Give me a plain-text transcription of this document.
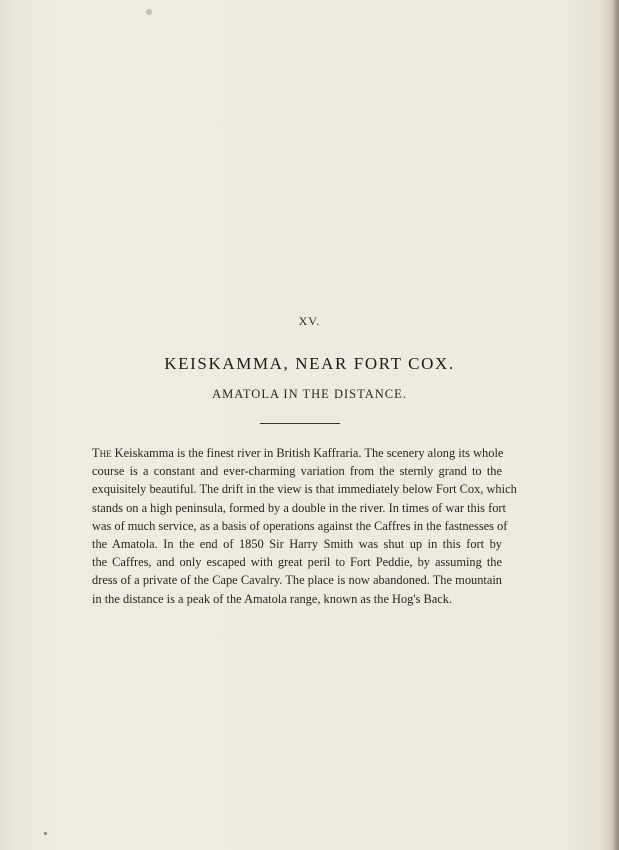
XV.
KEISKAMMA, NEAR FORT COX.
AMATOLA IN THE DISTANCE.
The Keiskamma is the finest river in British Kaffraria. The scenery along its whole
course is a constant and ever-charming variation from the sternly grand to the
exquisitely beautiful. The drift in the view is that immediately below Fort Cox, which
stands on a high peninsula, formed by a double in the river. In times of war this fort
was of much service, as a basis of operations against the Caffres in the fastnesses of
the Amatola. In the end of 1850 Sir Harry Smith was shut up in this fort by
the Caffres, and only escaped with great peril to Fort Peddie, by assuming the
dress of a private of the Cape Cavalry. The place is now abandoned. The mountain
in the distance is a peak of the Amatola range, known as the Hog's Back.
